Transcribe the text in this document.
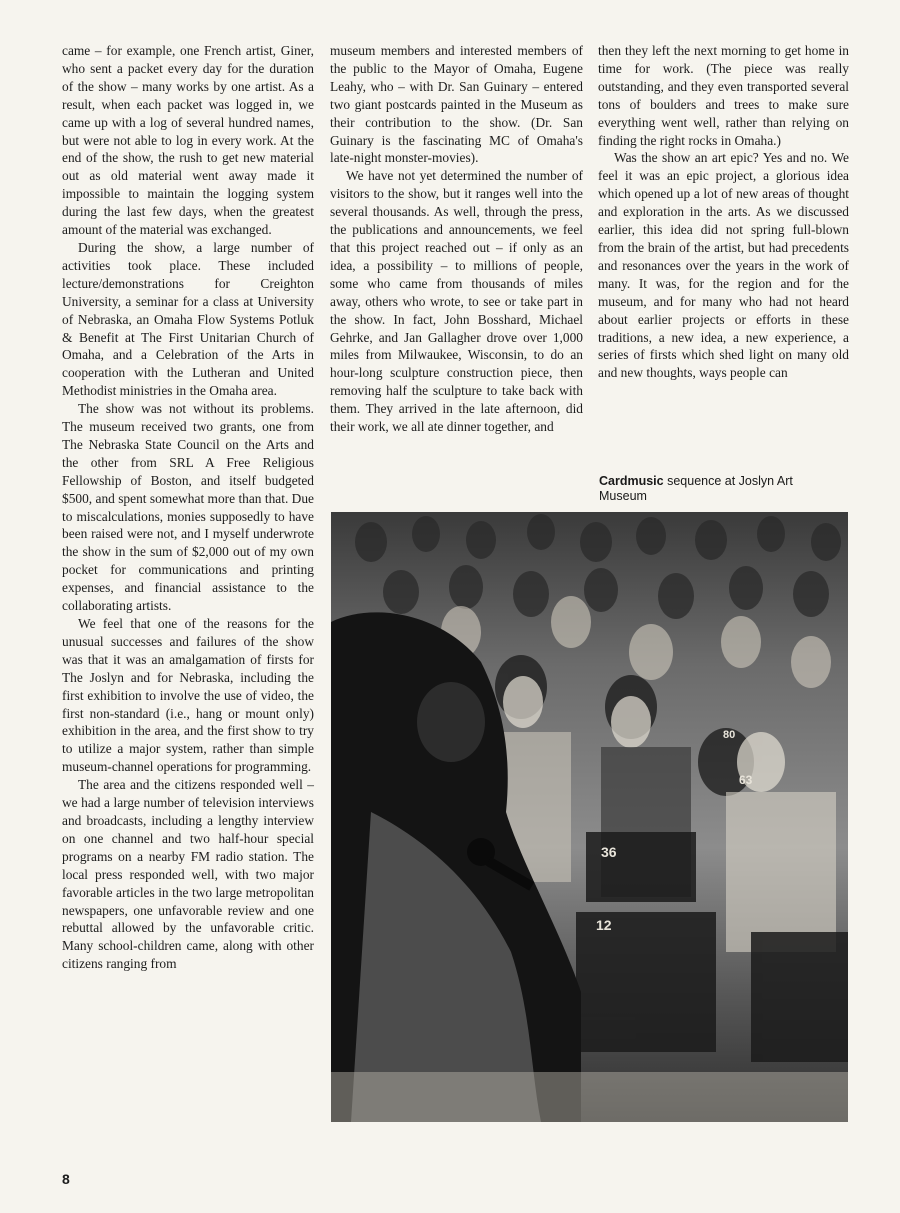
came – for example, one French artist, Giner, who sent a packet every day for the duration of the show – many works by one artist. As a result, when each packet was logged in, we came up with a log of several hundred names, but were not able to log in every work. At the end of the show, the rush to get new material out as old material went away made it impossible to maintain the logging system during the last few days, when the greatest amount of the material was exchanged.

During the show, a large number of activities took place. These included lecture/demonstrations for Creighton University, a seminar for a class at University of Nebraska, an Omaha Flow Systems Potluk & Benefit at The First Unitarian Church of Omaha, and a Celebration of the Arts in cooperation with the Lutheran and United Methodist ministries in the Omaha area.

The show was not without its problems. The museum received two grants, one from The Nebraska State Council on the Arts and the other from SRL A Free Religious Fellowship of Boston, and itself budgeted $500, and spent somewhat more than that. Due to miscalculations, monies supposedly to have been raised were not, and I myself underwrote the show in the sum of $2,000 out of my own pocket for communications and printing expenses, and financial assistance to the collaborating artists.

We feel that one of the reasons for the unusual successes and failures of the show was that it was an amalgamation of firsts for The Joslyn and for Nebraska, including the first exhibition to involve the use of video, the first non-standard (i.e., hang or mount only) exhibition in the area, and the first show to try to utilize a major system, rather than simple museum-channel operations for programming.

The area and the citizens responded well – we had a large number of television interviews and broadcasts, including a lengthy interview on one channel and two half-hour special programs on a nearby FM radio station. The local press responded well, with two major favorable articles in the two large metropolitan newspapers, one unfavorable review and one rebuttal allowed by the unfavorable critic. Many school-children came, along with other citizens ranging from

museum members and interested members of the public to the Mayor of Omaha, Eugene Leahy, who – with Dr. San Guinary – entered two giant postcards painted in the Museum as their contribution to the show. (Dr. San Guinary is the fascinating MC of Omaha's late-night monster-movies).

We have not yet determined the number of visitors to the show, but it ranges well into the several thousands. As well, through the press, the publications and announcements, we feel that this project reached out – if only as an idea, a possibility – to millions of people, some who came from thousands of miles away, others who wrote, to see or take part in the show. In fact, John Bosshard, Michael Gehrke, and Jan Gallagher drove over 1,000 miles from Milwaukee, Wisconsin, to do an hour-long sculpture construction piece, then removing half the sculpture to take back with them. They arrived in the late afternoon, did their work, we all ate dinner together, and

then they left the next morning to get home in time for work. (The piece was really outstanding, and they even transported several tons of boulders and trees to make sure everything went well, rather than relying on finding the right rocks in Omaha.)

Was the show an art epic? Yes and no. We feel it was an epic project, a glorious idea which opened up a lot of new areas of thought and exploration in the arts. As we discussed earlier, this idea did not spring full-blown from the brain of the artist, but had precedents and resonances over the years in the work of many. It was, for the region and for the museum, and for many who had not heard about earlier projects or efforts in these traditions, a new idea, a new experience, a series of firsts which shed light on many old and new thoughts, ways people can

Cardmusic sequence at Joslyn Art Museum
36
12
63
80
8
